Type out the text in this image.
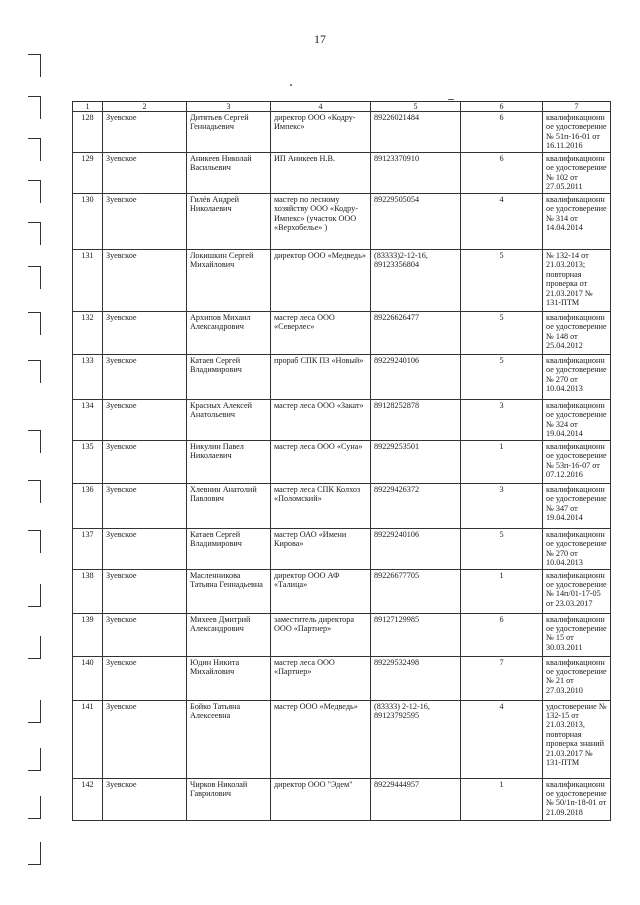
17
1	2	3	4	5	6	7
128	Зуевское	Дитятьев Сергей Геннадьевич	директор ООО «Кодру-Импекс»	89226021484	6	квалификационное удостоверение № 51п-16-01 от 16.11.2016
129	Зуевское	Аникеев Николай Васильевич	ИП Аникеев Н.В.	89123370910	6	квалификационное удостоверение № 102 от 27.05.2011
130	Зуевское	Гилёв Андрей Николаевич	мастер по лесному хозяйству ООО «Кодру-Импекс» (участок ООО «Верхобелье» )	89229505054	4	квалификационное удостоверение № 314 от 14.04.2014
131	Зуевское	Локишкин Сергей Михайлович	директор ООО «Медведь»	(83333)2-12-16, 89123356804	5	№ 132-14 от 21.03.2013; повторная проверка от 21.03.2017 № 131-ПТМ
132	Зуевское	Архипов Михаил Александрович	мастер леса ООО «Северлес»	89226626477	5	квалификационное удостоверение № 148 от 25.04.2012
133	Зуевское	Катаев Сергей Владимирович	прораб СПК ПЗ «Новый»	89229240106	5	квалификационное удостоверение № 270 от 10.04.2013
134	Зуевское	Красных Алексей Анатольевич	мастер леса ООО «Закат»	89128252878	3	квалификационное удостоверение № 324 от 19.04.2014
135	Зуевское	Никулин Павел Николаевич	мастер леса ООО «Суна»	89229253501	1	квалификационное удостоверение № 53п-16-07 от 07.12.2016
136	Зуевское	Хлевнин Анатолий Павлович	мастер леса СПК Колхоз «Поломский»	89229426372	3	квалификационное удостоверение № 347 от 19.04.2014
137	Зуевское	Катаев Сергей Владимирович	мастер ОАО «Имени Кирова»	89229240106	5	квалификационное удостоверение № 270 от 10.04.2013
138	Зуевское	Масленникова Татьяна Геннадьевна	директор ООО АФ «Талица»	89226677705	1	квалификационное удостоверение № 14п/01-17-05 от 23.03.2017
139	Зуевское	Михеев Дмитрий Александрович	заместитель директора ООО «Партнер»	89127129985	6	квалификационное удостоверение № 15 от 30.03.2011
140	Зуевское	Юдин Никита Михайлович	мастер леса ООО «Партнер»	89229532498	7	квалификационное удостоверение № 21 от 27.03.2010
141	Зуевское	Бойко Татьяна Алексеевна	мастер ООО «Медведь»	(83333) 2-12-16, 89123792595	4	удостоверение № 132-15 от 21.03.2013, повторная проверка знаний 21.03.2017 № 131-ПТМ
142	Зуевское	Чирков Николай Гаврилович	директор ООО "Эдем"	89229444957	1	квалификационное удостоверение № 50/1п-18-01 от 21.09.2018
